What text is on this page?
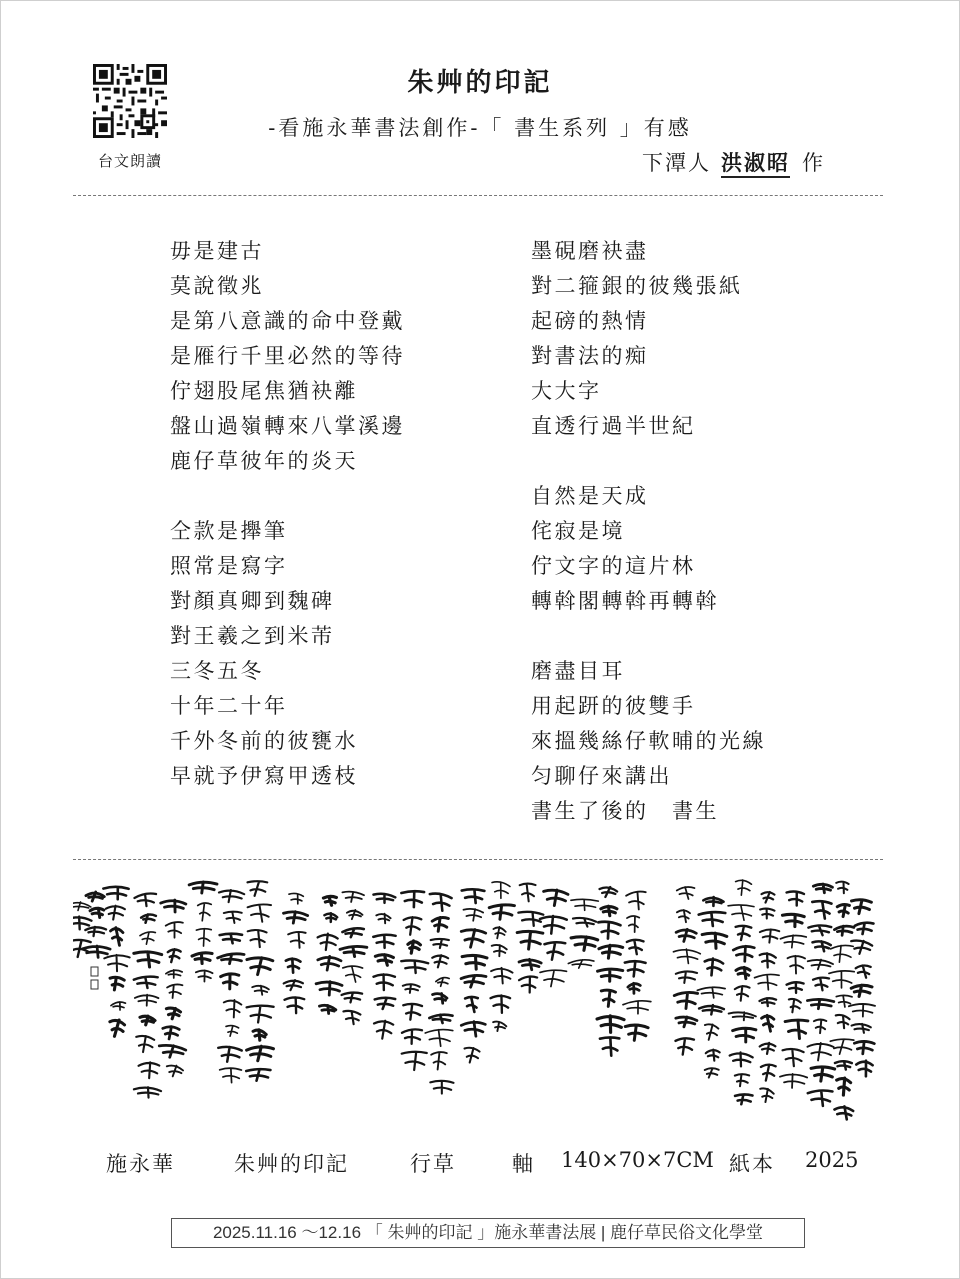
台文朗讀
朱艸的印記
-看施永華書法創作-「 書生系列 」有感
下潭人 洪淑昭 作
毋是建古
莫說徵兆
是第八意識的命中登戴
是雁行千里必然的等待
佇翅股尾焦猶袂離
盤山過嶺轉來八掌溪邊
鹿仔草彼年的炎天
仝款是攑筆
照常是寫字
對顏真卿到魏碑
對王羲之到米芾
三冬五冬
十年二十年
千外冬前的彼甕水
早就予伊寫甲透枝
墨硯磨袂盡
對二箍銀的彼幾張紙
起磅的熱情
對書法的痴
大大字
直透行過半世紀
自然是天成
侘寂是境
佇文字的這片林
轉斡閣轉斡再轉斡
磨盡目耳
用起趼的彼雙手
來搵幾絲仔軟晡的光線
匀聊仔來講出
書生了後的　書生
施永華	朱艸的印記	行草	軸 140×70×7CM 紙本 2025
2025.11.16 ～12.16 「 朱艸的印記 」施永華書法展 | 鹿仔草民俗文化學堂
